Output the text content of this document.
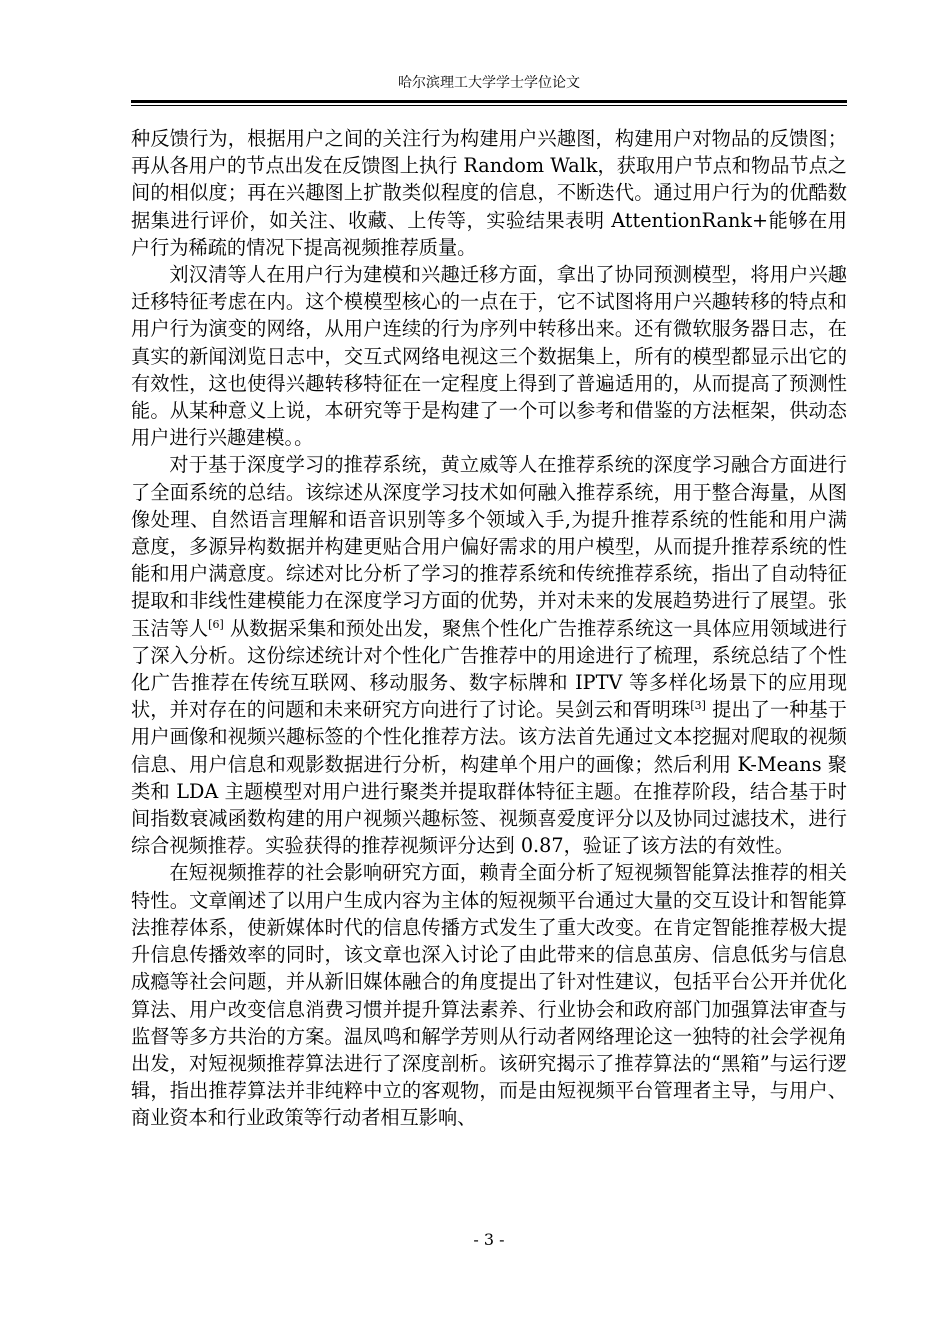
哈尔滨理工大学学士学位论文

种反馈行为，根据用户之间的关注行为构建用户兴趣图，构建用户对物品的反馈图；再从各用户的节点出发在反馈图上执行 Random Walk，获取用户节点和物品节点之间的相似度；再在兴趣图上扩散类似程度的信息，不断迭代。通过用户行为的优酷数据集进行评价，如关注、收藏、上传等，实验结果表明 AttentionRank+能够在用户行为稀疏的情况下提高视频推荐质量。

刘汉清等人在用户行为建模和兴趣迁移方面，拿出了协同预测模型，将用户兴趣迁移特征考虑在内。这个模模型核心的一点在于，它不试图将用户兴趣转移的特点和用户行为演变的网络，从用户连续的行为序列中转移出来。还有微软服务器日志，在真实的新闻浏览日志中，交互式网络电视这三个数据集上，所有的模型都显示出它的有效性，这也使得兴趣转移特征在一定程度上得到了普遍适用的，从而提高了预测性能。从某种意义上说，本研究等于是构建了一个可以参考和借鉴的方法框架，供动态用户进行兴趣建模。。

对于基于深度学习的推荐系统，黄立威等人在推荐系统的深度学习融合方面进行了全面系统的总结。该综述从深度学习技术如何融入推荐系统，用于整合海量，从图像处理、自然语言理解和语音识别等多个领域入手,为提升推荐系统的性能和用户满意度，多源异构数据并构建更贴合用户偏好需求的用户模型，从而提升推荐系统的性能和用户满意度。综述对比分析了学习的推荐系统和传统推荐系统，指出了自动特征提取和非线性建模能力在深度学习方面的优势，并对未来的发展趋势进行了展望。张玉洁等人[6] 从数据采集和预处出发，聚焦个性化广告推荐系统这一具体应用领域进行了深入分析。这份综述统计对个性化广告推荐中的用途进行了梳理，系统总结了个性化广告推荐在传统互联网、移动服务、数字标牌和 IPTV 等多样化场景下的应用现状，并对存在的问题和未来研究方向进行了讨论。吴剑云和胥明珠[3] 提出了一种基于用户画像和视频兴趣标签的个性化推荐方法。该方法首先通过文本挖掘对爬取的视频信息、用户信息和观影数据进行分析，构建单个用户的画像；然后利用 K-Means 聚类和 LDA 主题模型对用户进行聚类并提取群体特征主题。在推荐阶段，结合基于时间指数衰减函数构建的用户视频兴趣标签、视频喜爱度评分以及协同过滤技术，进行综合视频推荐。实验获得的推荐视频评分达到 0.87，验证了该方法的有效性。

在短视频推荐的社会影响研究方面，赖青全面分析了短视频智能算法推荐的相关特性。文章阐述了以用户生成内容为主体的短视频平台通过大量的交互设计和智能算法推荐体系，使新媒体时代的信息传播方式发生了重大改变。在肯定智能推荐极大提升信息传播效率的同时，该文章也深入讨论了由此带来的信息茧房、信息低劣与信息成瘾等社会问题，并从新旧媒体融合的角度提出了针对性建议，包括平台公开并优化算法、用户改变信息消费习惯并提升算法素养、行业协会和政府部门加强算法审查与监督等多方共治的方案。温凤鸣和解学芳则从行动者网络理论这一独特的社会学视角出发，对短视频推荐算法进行了深度剖析。该研究揭示了推荐算法的“黑箱”与运行逻辑，指出推荐算法并非纯粹中立的客观物，而是由短视频平台管理者主导，与用户、商业资本和行业政策等行动者相互影响、

- 3 -
